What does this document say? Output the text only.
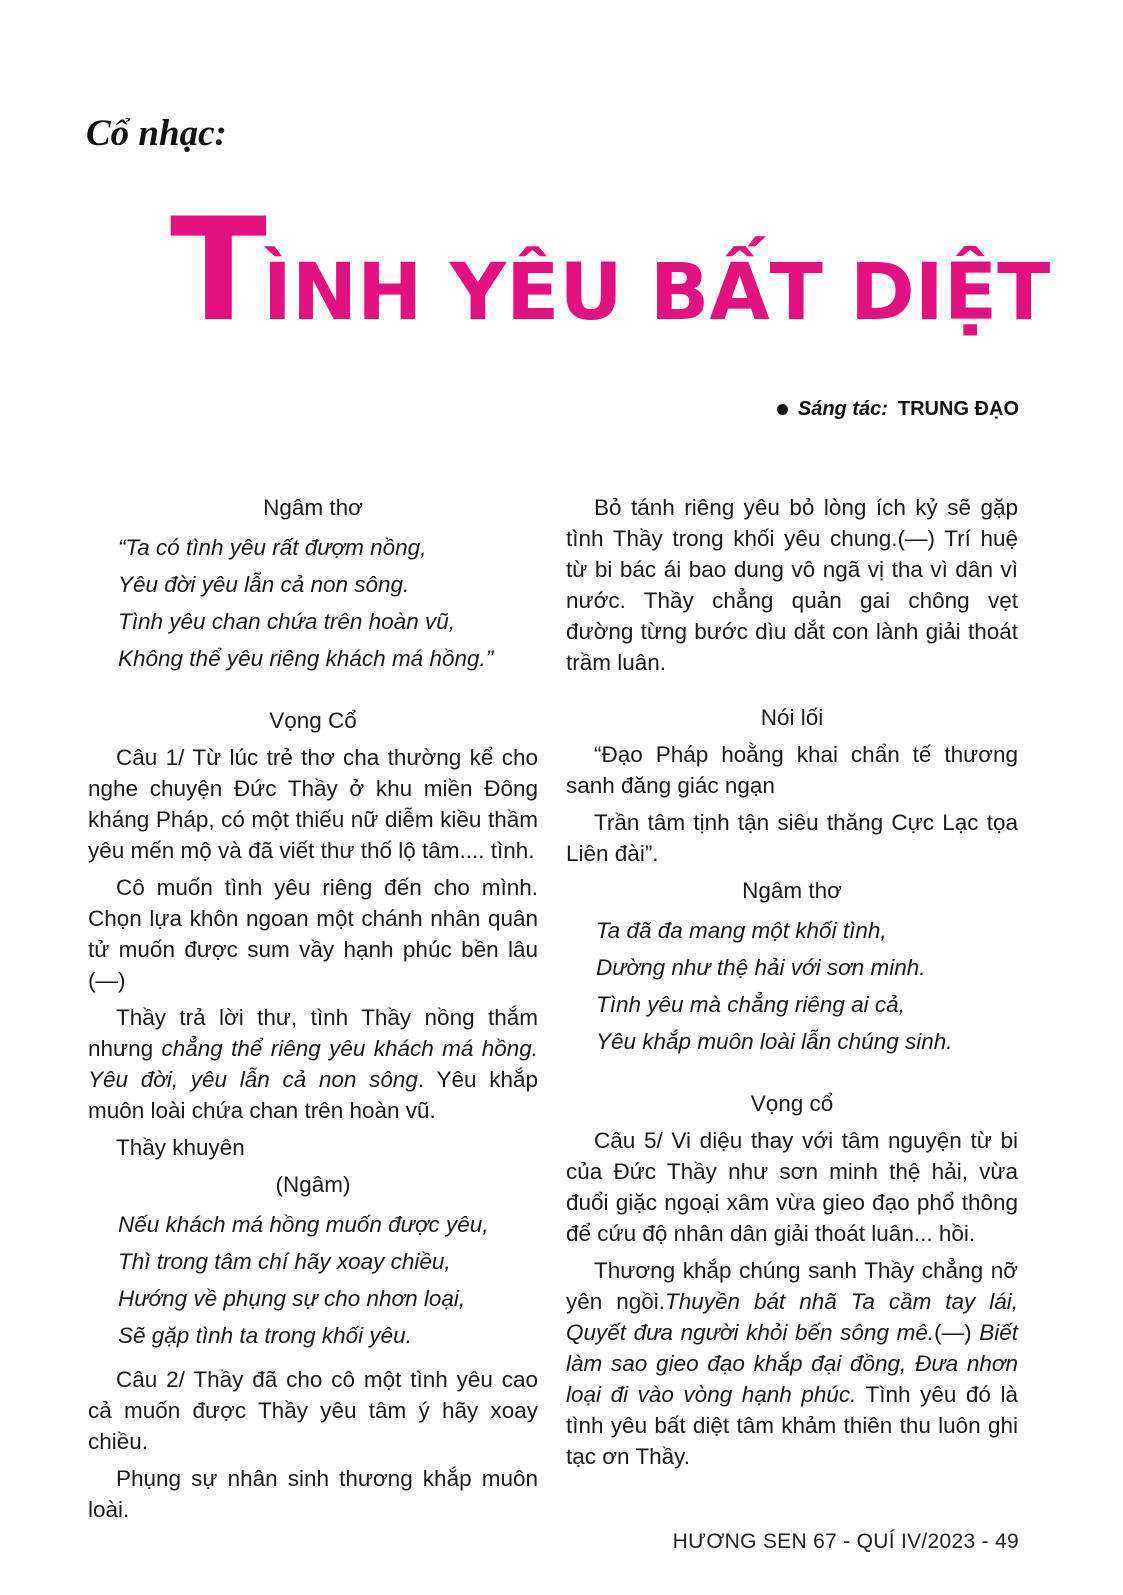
Cổ nhạc:
TÌNH YÊU BẤT DIỆT
Sáng tác: TRUNG ĐẠO
Ngâm thơ
“Ta có tình yêu rất đượm nồng,
Yêu đời yêu lẫn cả non sông.
Tình yêu chan chứa trên hoàn vũ,
Không thể yêu riêng khách má hồng.”
Vọng Cổ

Câu 1/ Từ lúc trẻ thơ cha thường kể cho nghe chuyện Đức Thầy ở khu miền Đông kháng Pháp, có một thiếu nữ diễm kiều thầm yêu mến mộ và đã viết thư thố lộ tâm.... tình.

Cô muốn tình yêu riêng đến cho mình. Chọn lựa khôn ngoan một chánh nhân quân tử muốn được sum vầy hạnh phúc bền lâu (—)

Thầy trả lời thư, tình Thầy nồng thắm nhưng chẳng thể riêng yêu khách má hồng. Yêu đời, yêu lẫn cả non sông. Yêu khắp muôn loài chứa chan trên hoàn vũ.

Thầy khuyên

(Ngâm)
Nếu khách má hồng muốn được yêu,
Thì trong tâm chí hãy xoay chiều,
Hướng về phụng sự cho nhơn loại,
Sẽ gặp tình ta trong khối yêu.

Câu 2/ Thầy đã cho cô một tình yêu cao cả muốn được Thầy yêu tâm ý hãy xoay chiều.

Phụng sự nhân sinh thương khắp muôn loài.

Bỏ tánh riêng yêu bỏ lòng ích kỷ sẽ gặp tình Thầy trong khối yêu chung.(—) Trí huệ từ bi bác ái bao dung vô ngã vị tha vì dân vì nước. Thầy chẳng quản gai chông vẹt đường từng bước dìu dắt con lành giải thoát trầm luân.

Nói lối

“Đạo Pháp hoằng khai chẩn tế thương sanh đăng giác ngạn

Trần tâm tịnh tận siêu thăng Cực Lạc tọa Liên đài”.

Ngâm thơ
Ta đã đa mang một khối tình,
Dường như thệ hải với sơn minh.
Tình yêu mà chẳng riêng ai cả,
Yêu khắp muôn loài lẫn chúng sinh.
Vọng cổ

Câu 5/ Vi diệu thay với tâm nguyện từ bi của Đức Thầy như sơn minh thệ hải, vừa đuổi giặc ngoại xâm vừa gieo đạo phổ thông để cứu độ nhân dân giải thoát luân... hồi.

Thương khắp chúng sanh Thầy chẳng nỡ yên ngồi.Thuyền bát nhã Ta cầm tay lái, Quyết đưa người khỏi bến sông mê.(—) Biết làm sao gieo đạo khắp đại đồng, Đưa nhơn loại đi vào vòng hạnh phúc. Tình yêu đó là tình yêu bất diệt tâm khảm thiên thu luôn ghi tạc ơn Thầy.

HƯƠNG SEN 67 - QUÍ IV/2023 - 49
